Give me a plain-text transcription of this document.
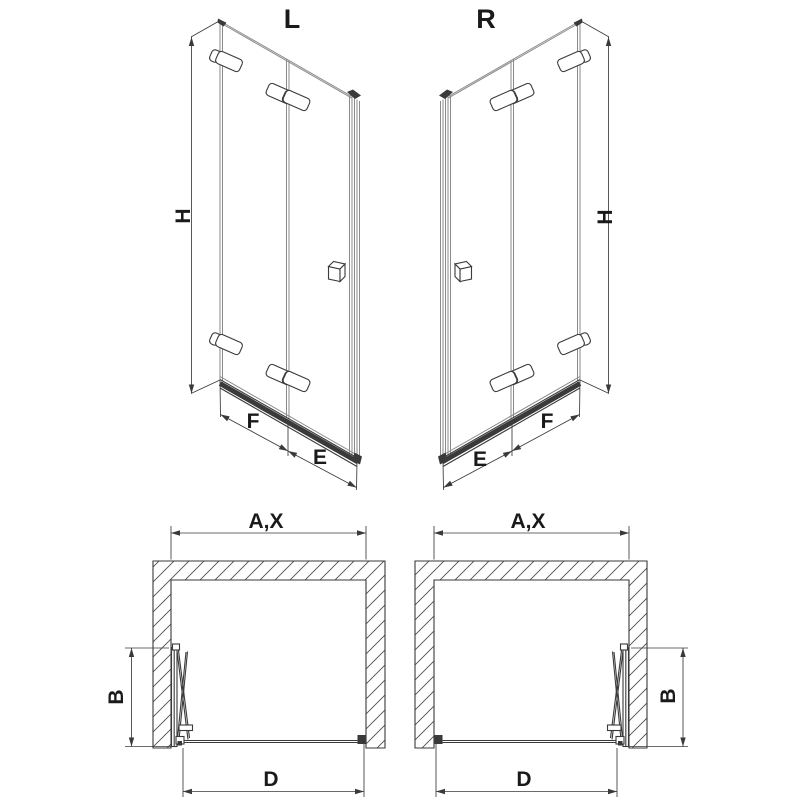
L	R
H	H
F
E	E
F
A,X	A,X
B	B
D	D
